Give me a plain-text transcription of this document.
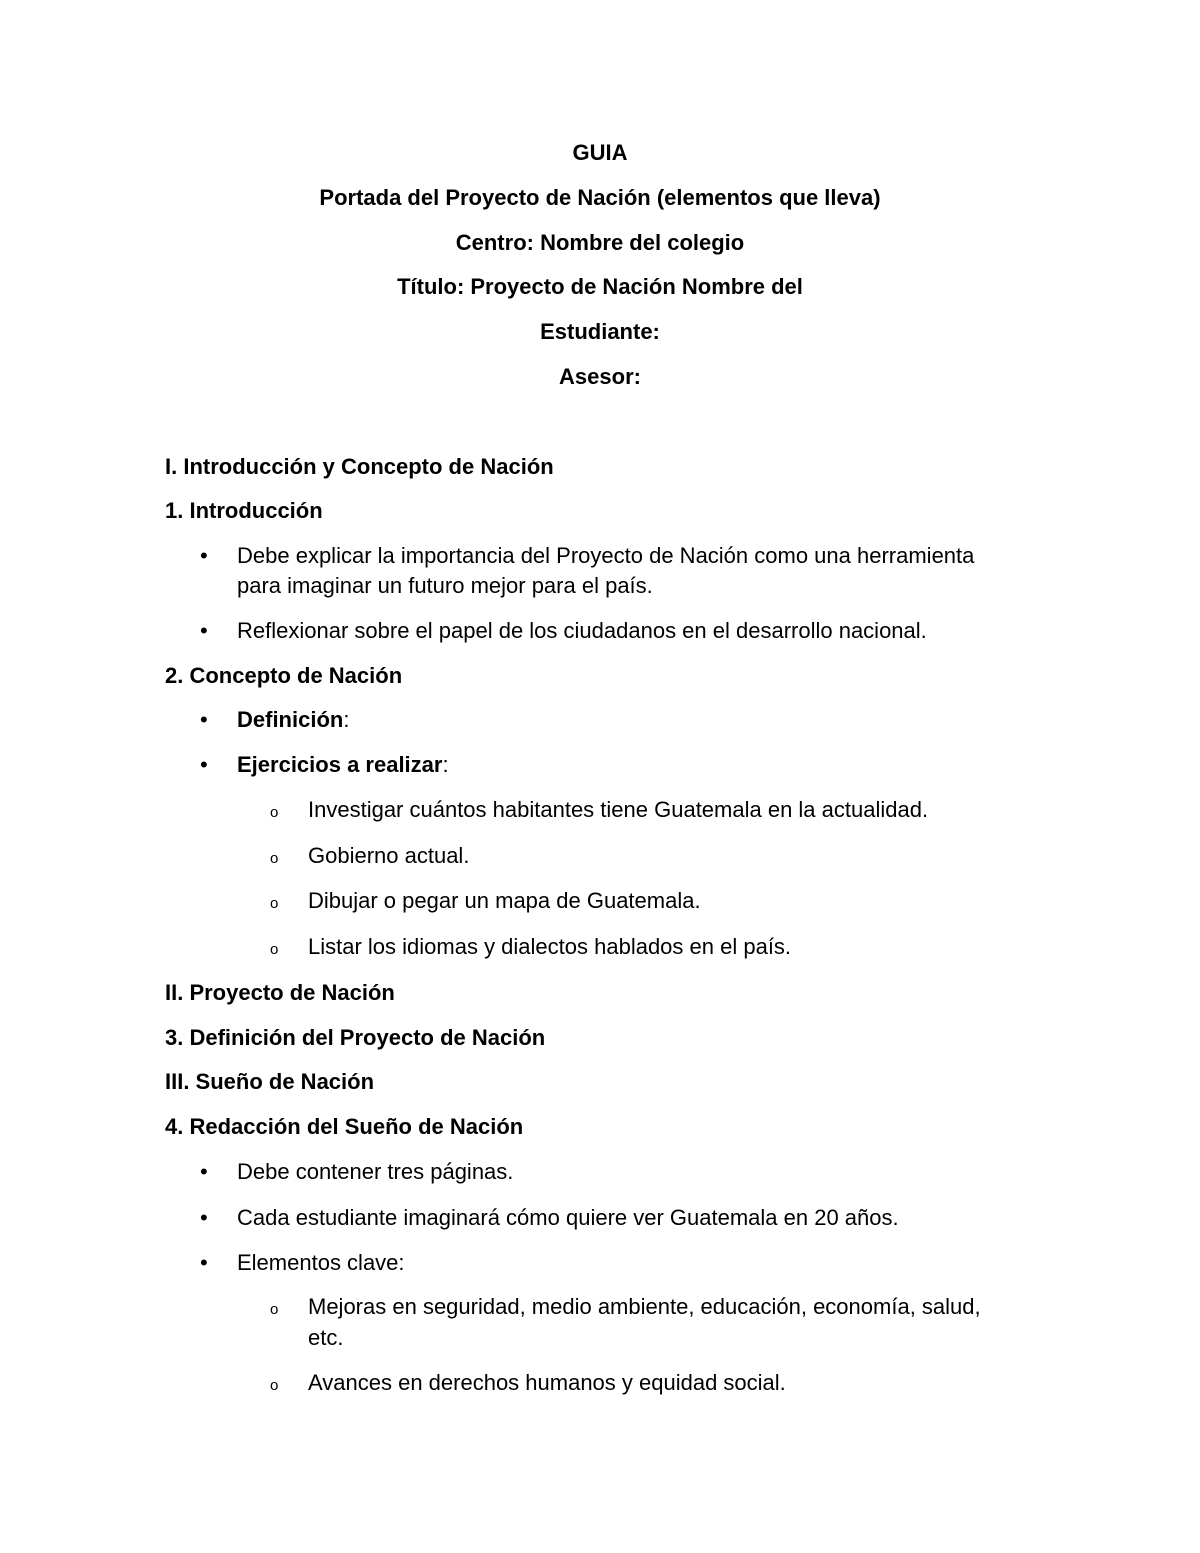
GUIA
Portada del Proyecto de Nación (elementos que lleva)
Centro: Nombre del colegio
Título: Proyecto de Nación Nombre del
Estudiante:
Asesor:
I. Introducción y Concepto de Nación
1. Introducción
• Debe explicar la importancia del Proyecto de Nación como una herramienta
para imaginar un futuro mejor para el país.
• Reflexionar sobre el papel de los ciudadanos en el desarrollo nacional.
2. Concepto de Nación
• Definición:
• Ejercicios a realizar:
o Investigar cuántos habitantes tiene Guatemala en la actualidad.
o Gobierno actual.
o Dibujar o pegar un mapa de Guatemala.
o Listar los idiomas y dialectos hablados en el país.
II. Proyecto de Nación
3. Definición del Proyecto de Nación
III. Sueño de Nación
4. Redacción del Sueño de Nación
• Debe contener tres páginas.
• Cada estudiante imaginará cómo quiere ver Guatemala en 20 años.
• Elementos clave:
o Mejoras en seguridad, medio ambiente, educación, economía, salud,
etc.
o Avances en derechos humanos y equidad social.
